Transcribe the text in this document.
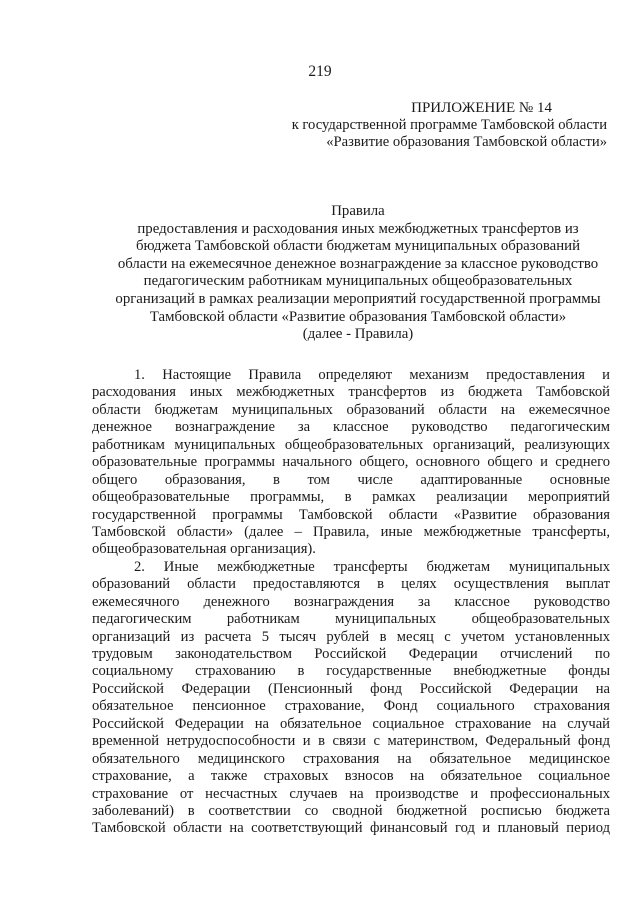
219
ПРИЛОЖЕНИЕ № 14
к государственной программе Тамбовской области
«Развитие образования Тамбовской области»
Правила
предоставления и расходования иных межбюджетных трансфертов из
бюджета Тамбовской области бюджетам муниципальных образований
области на ежемесячное денежное вознаграждение за классное руководство
педагогическим работникам муниципальных общеобразовательных
организаций в рамках реализации мероприятий государственной программы
Тамбовской области «Развитие образования Тамбовской области»
(далее - Правила)
1. Настоящие Правила определяют механизм предоставления и
расходования иных межбюджетных трансфертов из бюджета Тамбовской
области бюджетам муниципальных образований области на ежемесячное
денежное вознаграждение за классное руководство педагогическим
работникам муниципальных общеобразовательных организаций, реализующих
образовательные программы начального общего, основного общего и среднего
общего образования, в том числе адаптированные основные
общеобразовательные программы, в рамках реализации мероприятий
государственной программы Тамбовской области «Развитие образования
Тамбовской области» (далее – Правила, иные межбюджетные трансферты,
общеобразовательная организация).
2. Иные межбюджетные трансферты бюджетам муниципальных
образований области предоставляются в целях осуществления выплат
ежемесячного денежного вознаграждения за классное руководство
педагогическим работникам муниципальных общеобразовательных
организаций из расчета 5 тысяч рублей в месяц с учетом установленных
трудовым законодательством Российской Федерации отчислений по
социальному страхованию в государственные внебюджетные фонды
Российской Федерации (Пенсионный фонд Российской Федерации на
обязательное пенсионное страхование, Фонд социального страхования
Российской Федерации на обязательное социальное страхование на случай
временной нетрудоспособности и в связи с материнством, Федеральный фонд
обязательного медицинского страхования на обязательное медицинское
страхование, а также страховых взносов на обязательное социальное
страхование от несчастных случаев на производстве и профессиональных
заболеваний) в соответствии со сводной бюджетной росписью бюджета
Тамбовской области на соответствующий финансовый год и плановый период
